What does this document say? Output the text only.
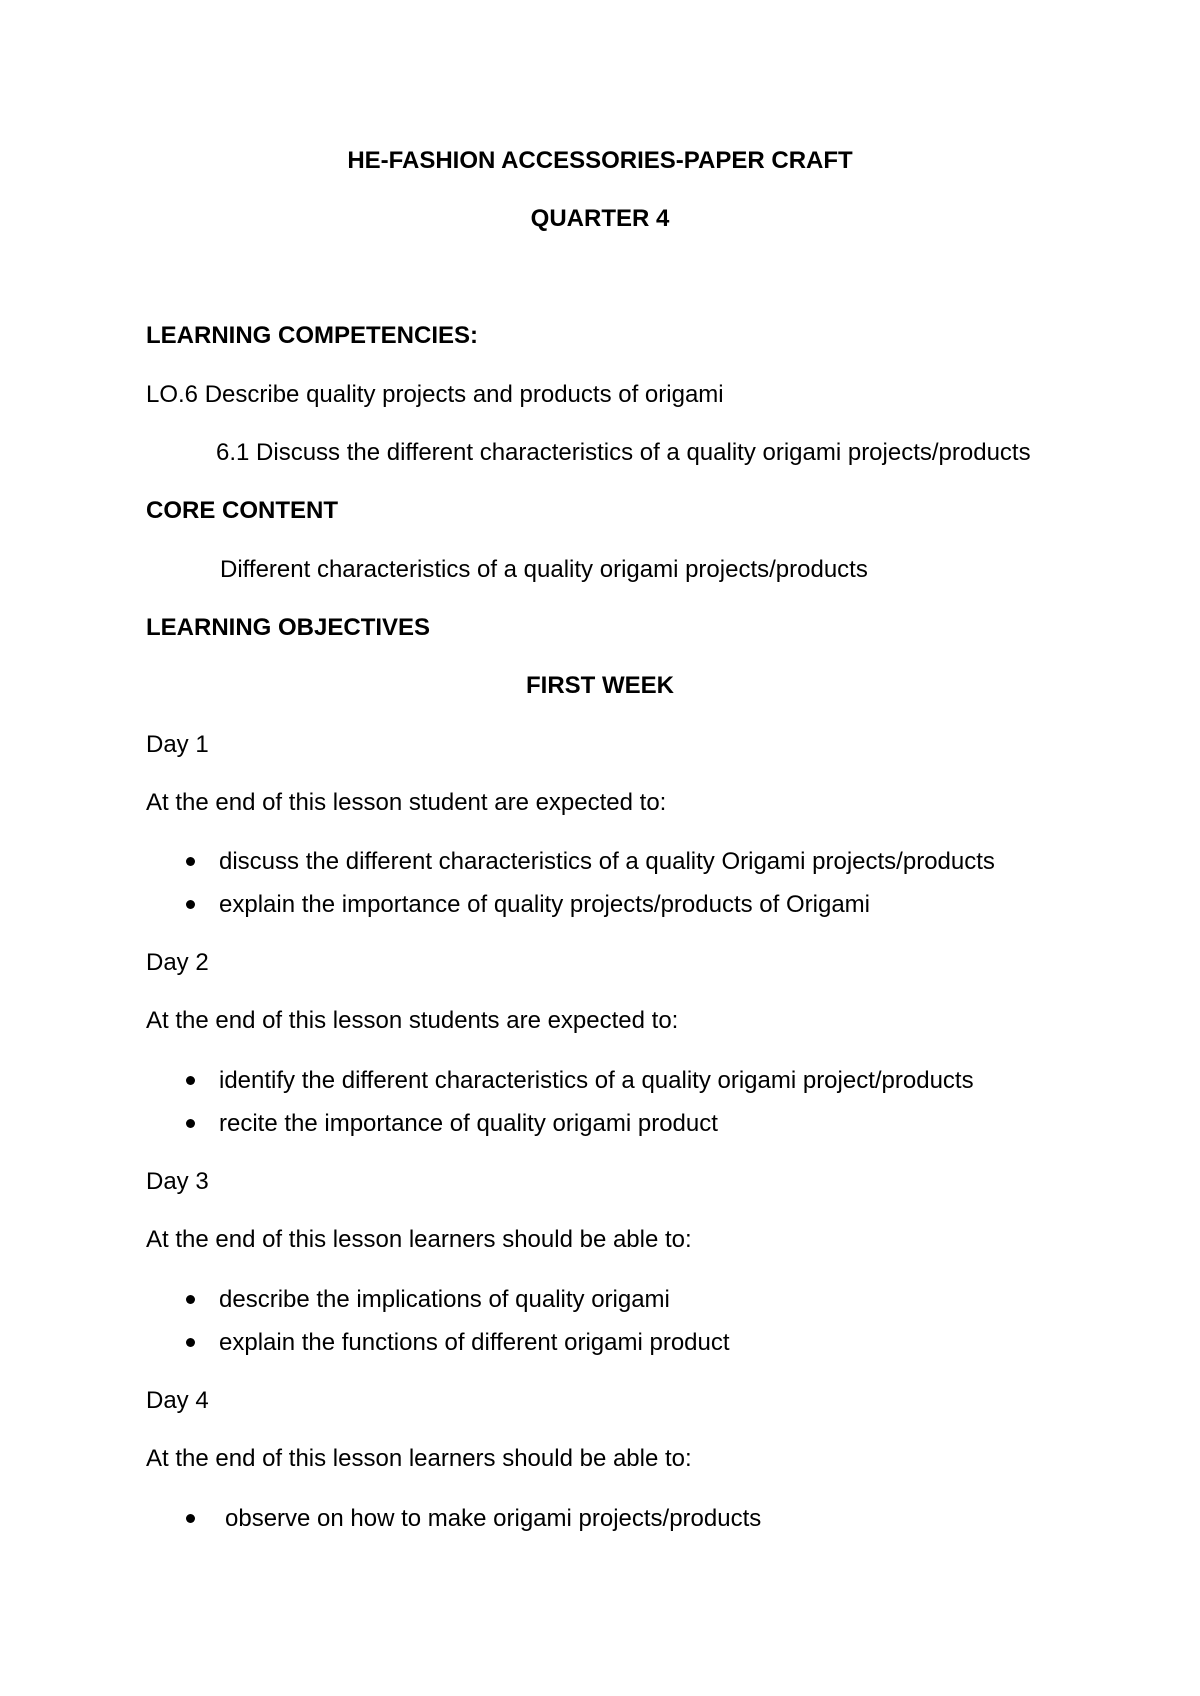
HE-FASHION ACCESSORIES-PAPER CRAFT
QUARTER 4
LEARNING COMPETENCIES:
LO.6 Describe quality projects and products of origami
6.1 Discuss the different characteristics of a quality origami projects/products
CORE CONTENT
Different characteristics of a quality origami projects/products
LEARNING OBJECTIVES
FIRST WEEK
Day 1
At the end of this lesson student are expected to:
discuss the different characteristics of a quality Origami projects/products
explain the importance of quality projects/products of Origami
Day 2
At the end of this lesson students are expected to:
identify the different characteristics of a quality origami project/products
recite the importance of quality origami product
Day 3
At the end of this lesson learners should be able to:
describe the implications of quality origami
explain the functions of different origami product
Day 4
At the end of this lesson learners should be able to:
observe on how to make origami projects/products
